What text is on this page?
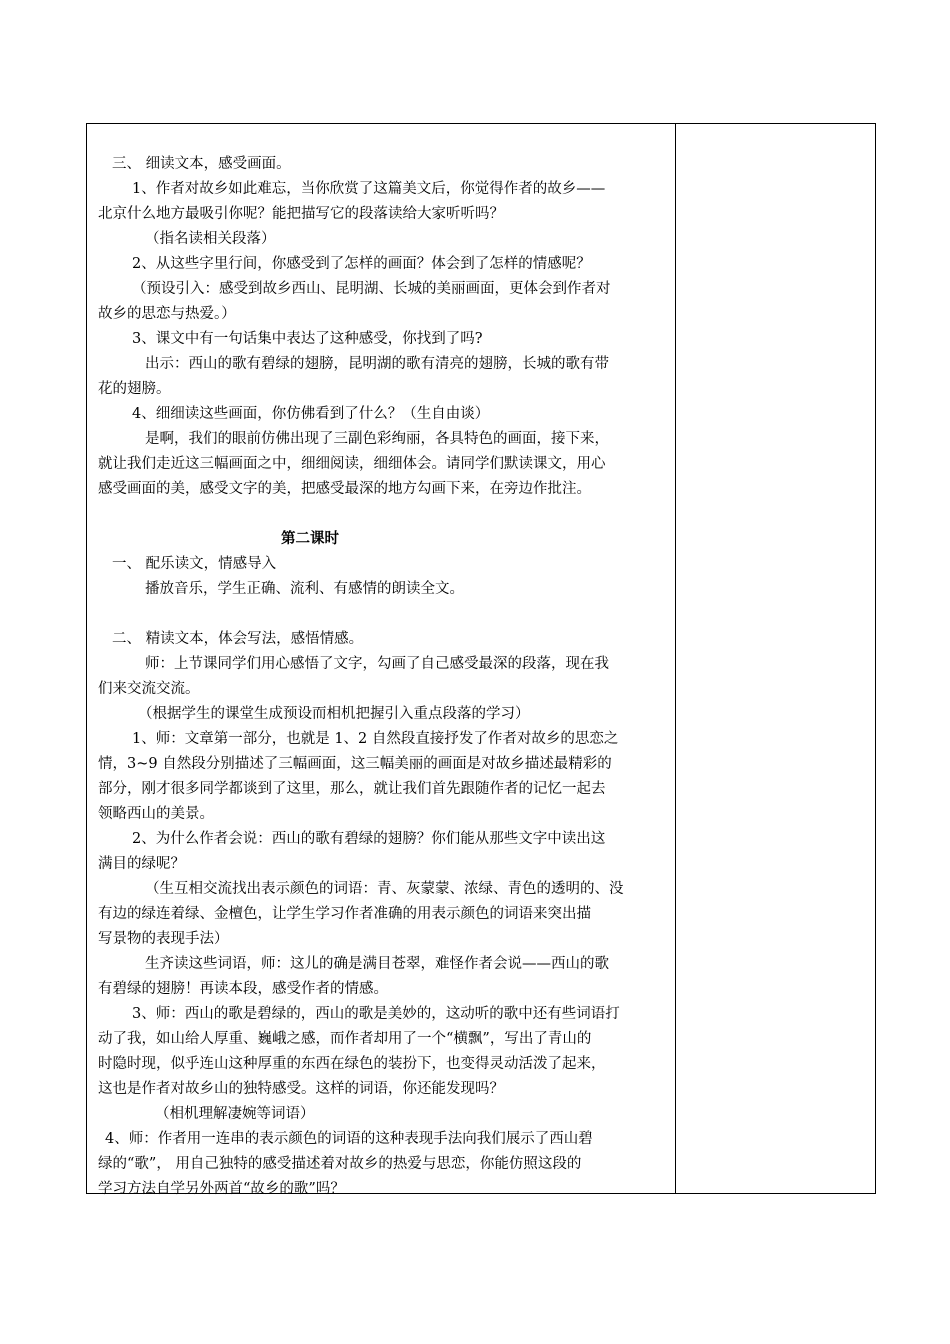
三、 细读文本，感受画面。
1、作者对故乡如此难忘，当你欣赏了这篇美文后，你觉得作者的故乡——
北京什么地方最吸引你呢？能把描写它的段落读给大家听听吗？
（指名读相关段落）
2、从这些字里行间，你感受到了怎样的画面？体会到了怎样的情感呢？
（预设引入：感受到故乡西山、昆明湖、长城的美丽画面，更体会到作者对
故乡的思恋与热爱。）
3、课文中有一句话集中表达了这种感受，你找到了吗?
出示：西山的歌有碧绿的翅膀，昆明湖的歌有清亮的翅膀，长城的歌有带
花的翅膀。
4、细细读这些画面，你仿佛看到了什么？（生自由谈）
是啊，我们的眼前仿佛出现了三副色彩绚丽，各具特色的画面，接下来，
就让我们走近这三幅画面之中，细细阅读，细细体会。请同学们默读课文，用心
感受画面的美，感受文字的美，把感受最深的地方勾画下来，在旁边作批注。
第二课时
一、 配乐读文，情感导入
播放音乐，学生正确、流利、有感情的朗读全文。
二、 精读文本，体会写法，感悟情感。
师：上节课同学们用心感悟了文字，勾画了自己感受最深的段落，现在我
们来交流交流。
（根据学生的课堂生成预设而相机把握引入重点段落的学习）
1、师：文章第一部分，也就是 1、2 自然段直接抒发了作者对故乡的思恋之
情，3~9 自然段分别描述了三幅画面，这三幅美丽的画面是对故乡描述最精彩的
部分，刚才很多同学都谈到了这里，那么，就让我们首先跟随作者的记忆一起去
领略西山的美景。
2、为什么作者会说：西山的歌有碧绿的翅膀？你们能从那些文字中读出这
满目的绿呢？
（生互相交流找出表示颜色的词语：青、灰蒙蒙、浓绿、青色的透明的、没
有边的绿连着绿、金檀色，让学生学习作者准确的用表示颜色的词语来突出描
写景物的表现手法）
生齐读这些词语，师：这儿的确是满目苍翠，难怪作者会说——西山的歌
有碧绿的翅膀！再读本段，感受作者的情感。
3、师：西山的歌是碧绿的，西山的歌是美妙的，这动听的歌中还有些词语打
动了我，如山给人厚重、巍峨之感，而作者却用了一个“横飘”，写出了青山的
时隐时现，似乎连山这种厚重的东西在绿色的装扮下，也变得灵动活泼了起来，
这也是作者对故乡山的独特感受。这样的词语，你还能发现吗？
（相机理解凄婉等词语）
4、师：作者用一连串的表示颜色的词语的这种表现手法向我们展示了西山碧
绿的“歌”， 用自己独特的感受描述着对故乡的热爱与思恋，你能仿照这段的
学习方法自学另外两首“故乡的歌”吗？
